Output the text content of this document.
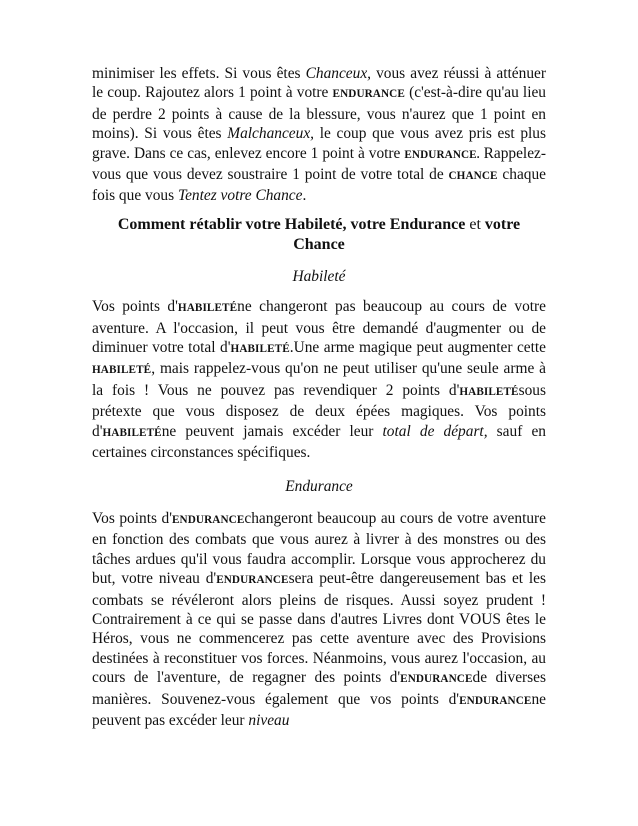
minimiser les effets. Si vous êtes Chanceux, vous avez réussi à atténuer le coup. Rajoutez alors 1 point à votre ENDURANCE (c'est-à-dire qu'au lieu de perdre 2 points à cause de la blessure, vous n'aurez que 1 point en moins). Si vous êtes Malchanceux, le coup que vous avez pris est plus grave. Dans ce cas, enlevez encore 1 point à votre ENDURANCE. Rappelez-vous que vous devez soustraire 1 point de votre total de CHANCE chaque fois que vous Tentez votre Chance.

Comment rétablir votre Habileté, votre Endurance et votre Chance
Habileté

Vos points d'HABILETÉne changeront pas beaucoup au cours de votre aventure. A l'occasion, il peut vous être demandé d'augmenter ou de diminuer votre total d'HABILETÉ.Une arme magique peut augmenter cette HABILETÉ, mais rappelez-vous qu'on ne peut utiliser qu'une seule arme à la fois ! Vous ne pouvez pas revendiquer 2 points d'HABILETÉsous prétexte que vous disposez de deux épées magiques. Vos points d'HABILETÉne peuvent jamais excéder leur total de départ, sauf en certaines circonstances spécifiques.

Endurance

Vos points d'ENDURANCEchangeront beaucoup au cours de votre aventure en fonction des combats que vous aurez à livrer à des monstres ou des tâches ardues qu'il vous faudra accomplir. Lorsque vous approcherez du but, votre niveau d'ENDURANCEsera peut-être dangereusement bas et les combats se révéleront alors pleins de risques. Aussi soyez prudent ! Contrairement à ce qui se passe dans d'autres Livres dont VOUS êtes le Héros, vous ne commencerez pas cette aventure avec des Provisions destinées à reconstituer vos forces. Néanmoins, vous aurez l'occasion, au cours de l'aventure, de regagner des points d'ENDURANCEde diverses manières. Souvenez-vous également que vos points d'ENDURANCEne peuvent pas excéder leur niveau
